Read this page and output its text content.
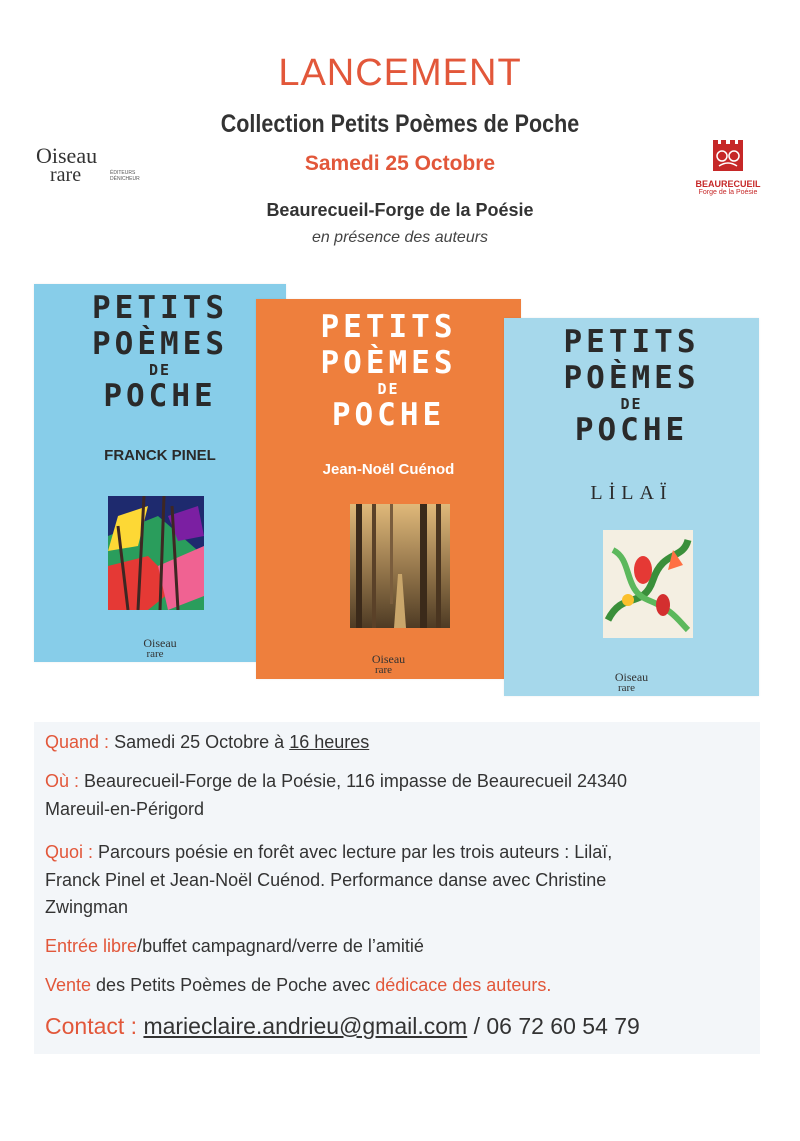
LANCEMENT
Collection Petits Poèmes de Poche
Samedi 25 Octobre
Beaurecueil-Forge de la Poésie
en présence des auteurs
Oiseau
rare	ÉDITEURS
DÉNICHEUR	BEAURECUEIL
Forge de la Poésie
PETITS
POÈMES
DE
POCHE
FRANCK PINEL
Oiseau
rare
PETITS
POÈMES
DE
POCHE
Jean-Noël Cuénod
Oiseau
rare
PETITS
POÈMES
DE
POCHE
LİLAÏ
Oiseau
rare
Quand : Samedi 25 Octobre à 16 heures
Où : Beaurecueil-Forge de la Poésie, 116 impasse de Beaurecueil 24340
Mareuil-en-Périgord
Quoi : Parcours poésie en forêt avec lecture par les trois auteurs : Lilaï,
Franck Pinel et Jean-Noël Cuénod. Performance danse avec Christine
Zwingman
Entrée libre/buffet campagnard/verre de l’amitié
Vente des Petits Poèmes de Poche avec dédicace des auteurs.
Contact : marieclaire.andrieu@gmail.com / 06 72 60 54 79
